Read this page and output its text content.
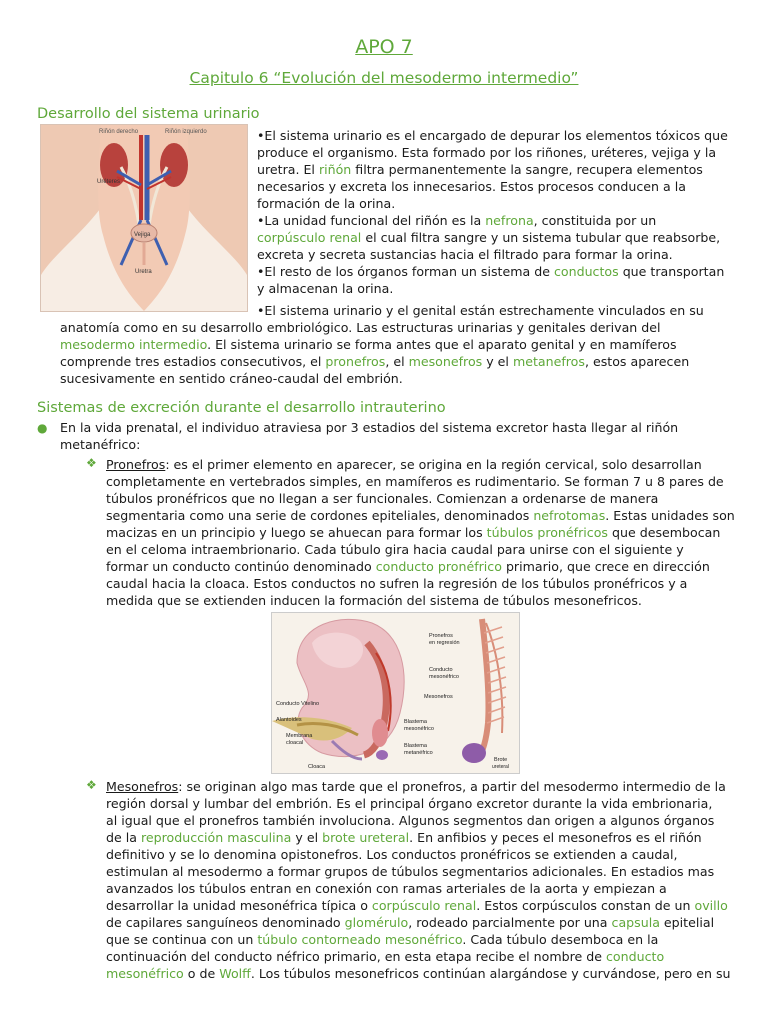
APO 7
Capitulo 6 “Evolución del mesodermo intermedio”
Desarrollo del sistema urinario
Riñón derecho	Riñón izquierdo
Uréteres
Vejiga
Uretra

•El sistema urinario es el encargado de depurar los elementos tóxicos que

produce el organismo. Esta formado por los riñones, uréteres, vejiga y la

uretra. El riñón filtra permanentemente la sangre, recupera elementos

necesarios y excreta los innecesarios. Estos procesos conducen a la

formación de la orina.

•La unidad funcional del riñón es la nefrona, constituida por un

corpúsculo renal el cual filtra sangre y un sistema tubular que reabsorbe,

excreta y secreta sustancias hacia el filtrado para formar la orina.

•El resto de los órganos forman un sistema de conductos que transportan

y almacenan la orina.

•El sistema urinario y el genital están estrechamente vinculados en su

anatomía como en su desarrollo embriológico. Las estructuras urinarias y genitales derivan del

mesodermo intermedio. El sistema urinario se forma antes que el aparato genital y en mamíferos

comprende tres estadios consecutivos, el pronefros, el mesonefros y el metanefros, estos aparecen

sucesivamente en sentido cráneo-caudal del embrión.

Sistemas de excreción durante el desarrollo intrauterino
● En la vida prenatal, el individuo atraviesa por 3 estadios del sistema excretor hasta llegar al riñón

metanéfrico:

❖ Pronefros: es el primer elemento en aparecer, se origina en la región cervical, solo desarrollan

completamente en vertebrados simples, en mamíferos es rudimentario. Se forman 7 u 8 pares de

túbulos pronéfricos que no llegan a ser funcionales. Comienzan a ordenarse de manera

segmentaria como una serie de cordones epiteliales, denominados nefrotomas. Estas unidades son

macizas en un principio y luego se ahuecan para formar los túbulos pronéfricos que desembocan

en el celoma intraembrionario. Cada túbulo gira hacia caudal para unirse con el siguiente y

formar un conducto continúo denominado conducto pronéfrico primario, que crece en dirección

caudal hacia la cloaca. Estos conductos no sufren la regresión de los túbulos pronéfricos y a

medida que se extienden inducen la formación del sistema de túbulos mesonefricos.

Pronefros
en regresión
Conducto
mesonéfrico
Mesonefros
Conducto Vitelino
Alantoides
Membrana
cloacal
Cloaca
Blastema
mesonéfrico
Blastema
metanéfrico
Brote
ureteral
❖ Mesonefros: se originan algo mas tarde que el pronefros, a partir del mesodermo intermedio de la

región dorsal y lumbar del embrión. Es el principal órgano excretor durante la vida embrionaria,

al igual que el pronefros también involuciona. Algunos segmentos dan origen a algunos órganos

de la reproducción masculina y el brote ureteral. En anfibios y peces el mesonefros es el riñón

definitivo y se lo denomina opistonefros. Los conductos pronéfricos se extienden a caudal,

estimulan al mesodermo a formar grupos de túbulos segmentarios adicionales. En estadios mas

avanzados los túbulos entran en conexión con ramas arteriales de la aorta y empiezan a

desarrollar la unidad mesonéfrica típica o corpúsculo renal. Estos corpúsculos constan de un ovillo

de capilares sanguíneos denominado glomérulo, rodeado parcialmente por una capsula epitelial

que se continua con un túbulo contorneado mesonéfrico. Cada túbulo desemboca en la

continuación del conducto néfrico primario, en esta etapa recibe el nombre de conducto

mesonéfrico o de Wolff. Los túbulos mesonefricos continúan alargándose y curvándose, pero en su
